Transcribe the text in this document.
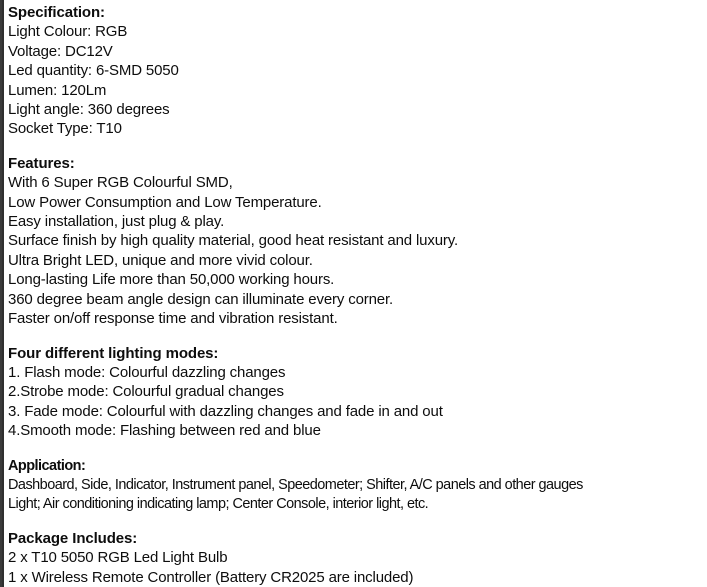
Specification:
Light Colour: RGB
Voltage: DC12V
Led quantity: 6-SMD 5050
Lumen: 120Lm
Light angle: 360 degrees
Socket Type: T10
Features:
With 6 Super RGB Colourful SMD,
Low Power Consumption and Low Temperature.
Easy installation, just plug & play.
Surface finish by high quality material, good heat resistant and luxury.
Ultra Bright LED, unique and more vivid colour.
Long-lasting Life more than 50,000 working hours.
360 degree beam angle design can illuminate every corner.
Faster on/off response time and vibration resistant.
Four different lighting modes:
1. Flash mode: Colourful dazzling changes
2.Strobe mode: Colourful gradual changes
3. Fade mode: Colourful with dazzling changes and fade in and out
4.Smooth mode: Flashing between red and blue
Application:
Dashboard, Side, Indicator, Instrument panel, Speedometer; Shifter, A/C panels and other gauges
Light; Air conditioning indicating lamp; Center Console, interior light, etc.
Package Includes:
2 x T10 5050 RGB Led Light Bulb
1 x Wireless Remote Controller (Battery CR2025 are included)
